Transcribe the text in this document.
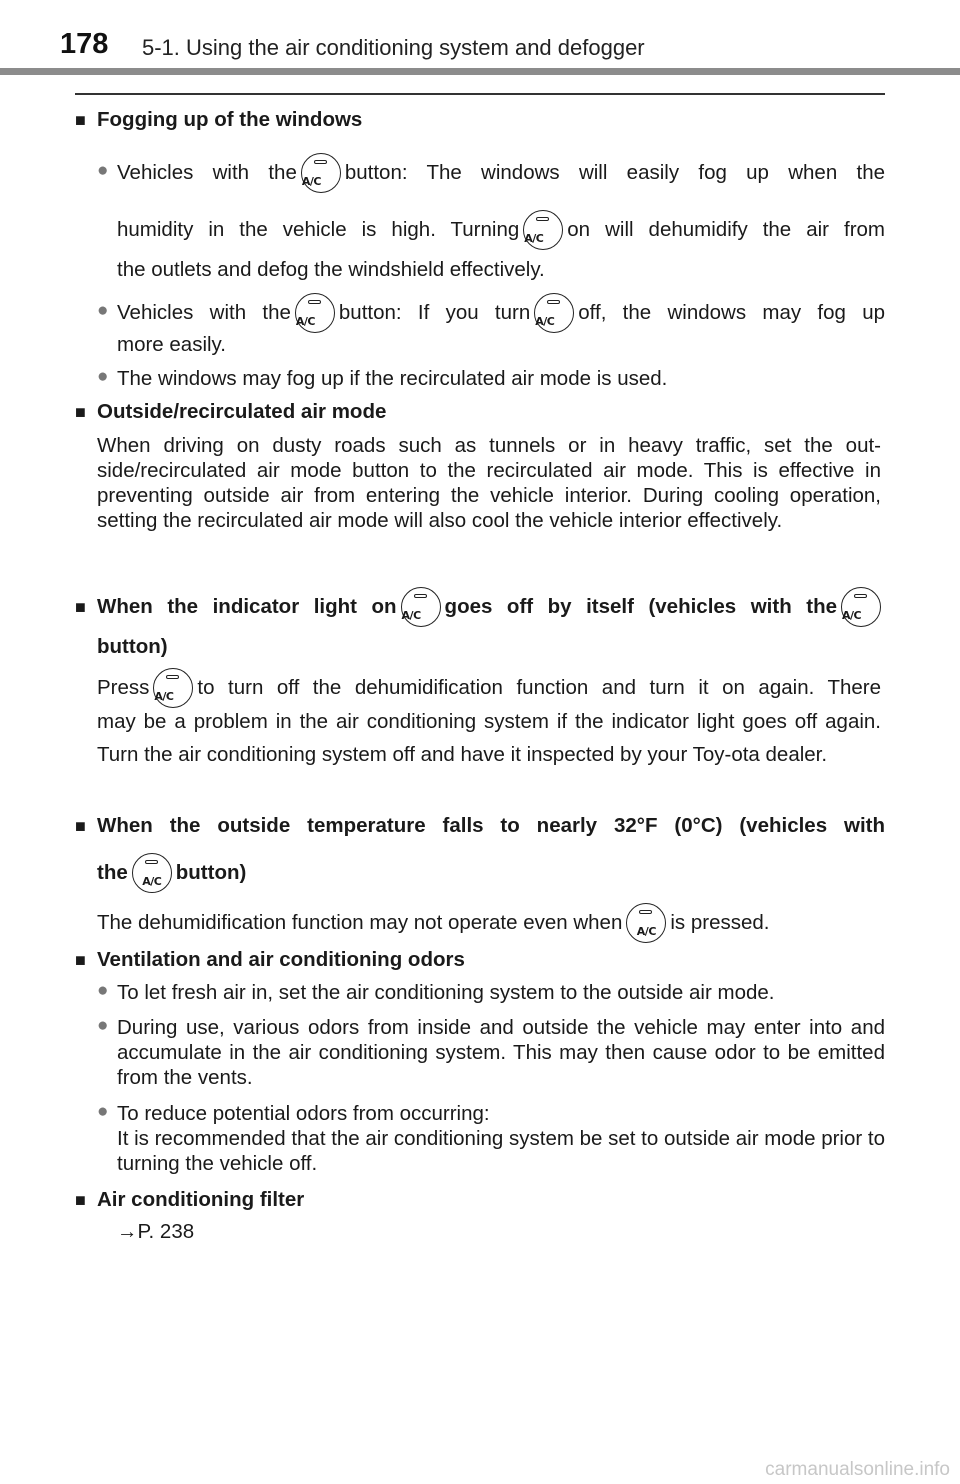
178 5-1. Using the air conditioning system and defogger
■ Fogging up of the windows
● Vehicles with the A/C	button: The windows will easily fog up when the
humidity in the vehicle is high. Turning A/C	on will dehumidify the air from
the outlets and defog the windshield effectively.
● Vehicles with the A/C	button: If you turn A/C	off, the windows may fog up
more easily.
● The windows may fog up if the recirculated air mode is used.
■ Outside/recirculated air mode
When driving on dusty roads such as tunnels or in heavy traffic, set the out-side/recirculated air mode button to the recirculated air mode. This is effective in preventing outside air from entering the vehicle interior. During cooling operation, setting the recirculated air mode will also cool the vehicle interior effectively.
■ When the indicator light on A/C	goes off by itself (vehicles with the A/C
button)
Press A/C	to turn off the dehumidification function and turn it on again. There
may be a problem in the air conditioning system if the indicator light goes off again. Turn the air conditioning system off and have it inspected by your Toy-ota dealer.
■ When the outside temperature falls to nearly 32°F (0°C) (vehicles with
the	A/C button)
The dehumidification function may not operate even when	A/C is pressed.
■ Ventilation and air conditioning odors
● To let fresh air in, set the air conditioning system to the outside air mode.
● During use, various odors from inside and outside the vehicle may enter into and accumulate in the air conditioning system. This may then cause odor to be emitted from the vents.
● To reduce potential odors from occurring:
It is recommended that the air conditioning system be set to outside air mode prior to turning the vehicle off.
■ Air conditioning filter
→P. 238
carmanualsonline.info
